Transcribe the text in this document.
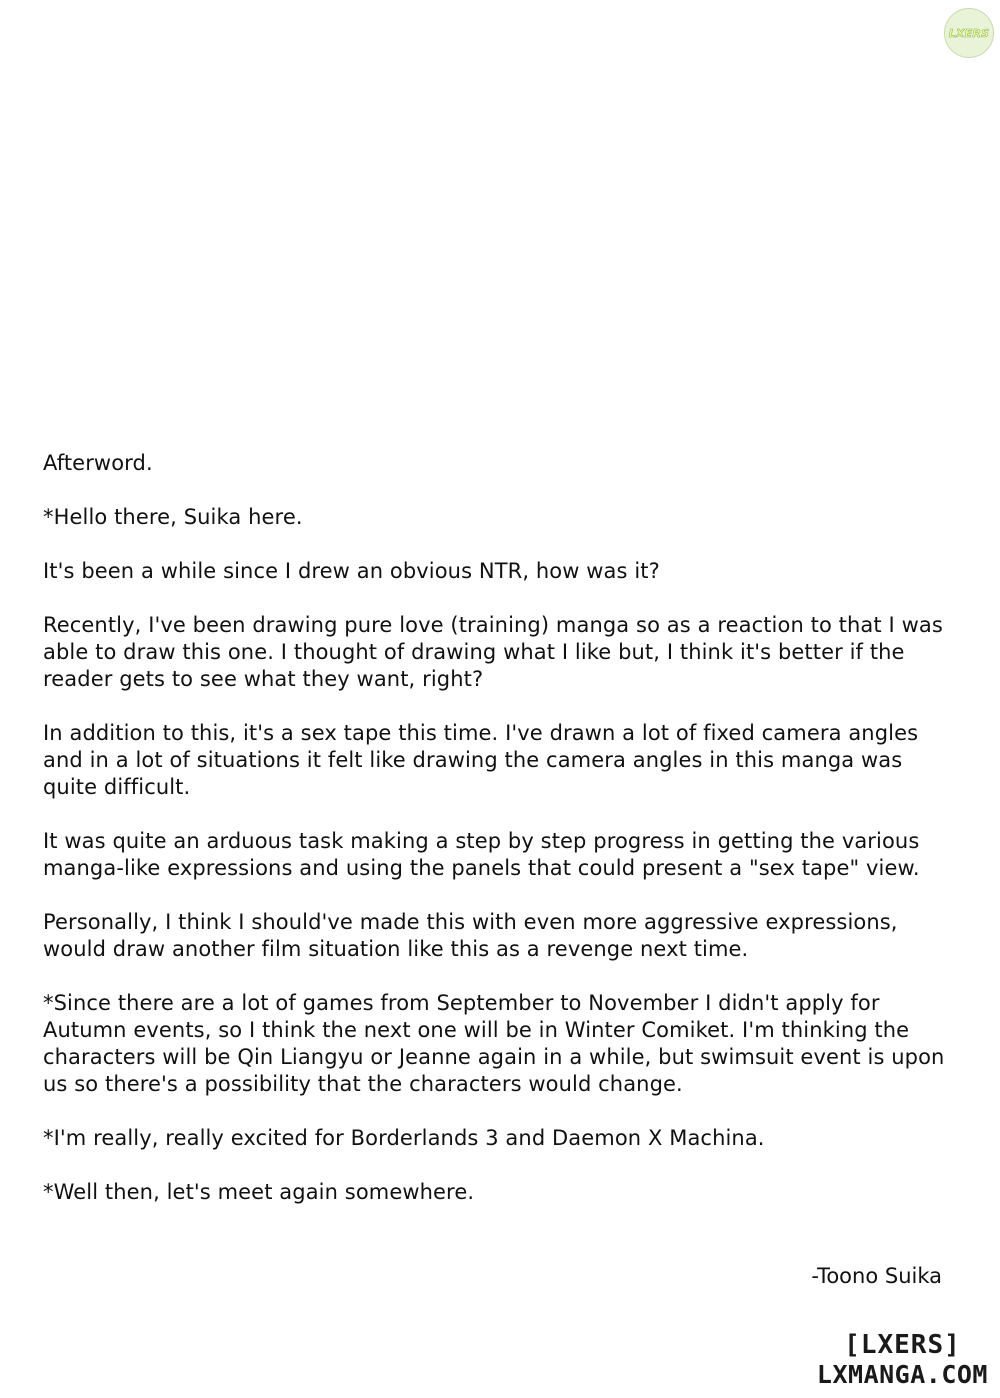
LXERS

Afterword.

*Hello there, Suika here.

It's been a while since I drew an obvious NTR, how was it?

Recently, I've been drawing pure love (training) manga so as a reaction to that I was able to draw this one. I thought of drawing what I like but, I think it's better if the reader gets to see what they want, right?

In addition to this, it's a sex tape this time. I've drawn a lot of fixed camera angles and in a lot of situations it felt like drawing the camera angles in this manga was quite difficult.

It was quite an arduous task making a step by step progress in getting the various manga-like expressions and using the panels that could present a "sex tape" view.

Personally, I think I should've made this with even more aggressive expressions, would draw another film situation like this as a revenge next time.

*Since there are a lot of games from September to November I didn't apply for Autumn events, so I think the next one will be in Winter Comiket. I'm thinking the characters will be Qin Liangyu or Jeanne again in a while, but swimsuit event is upon us so there's a possibility that the characters would change.

*I'm really, really excited for Borderlands 3 and Daemon X Machina.

*Well then, let's meet again somewhere.

-Toono Suika
[LXERS]
LXMANGA.COM
